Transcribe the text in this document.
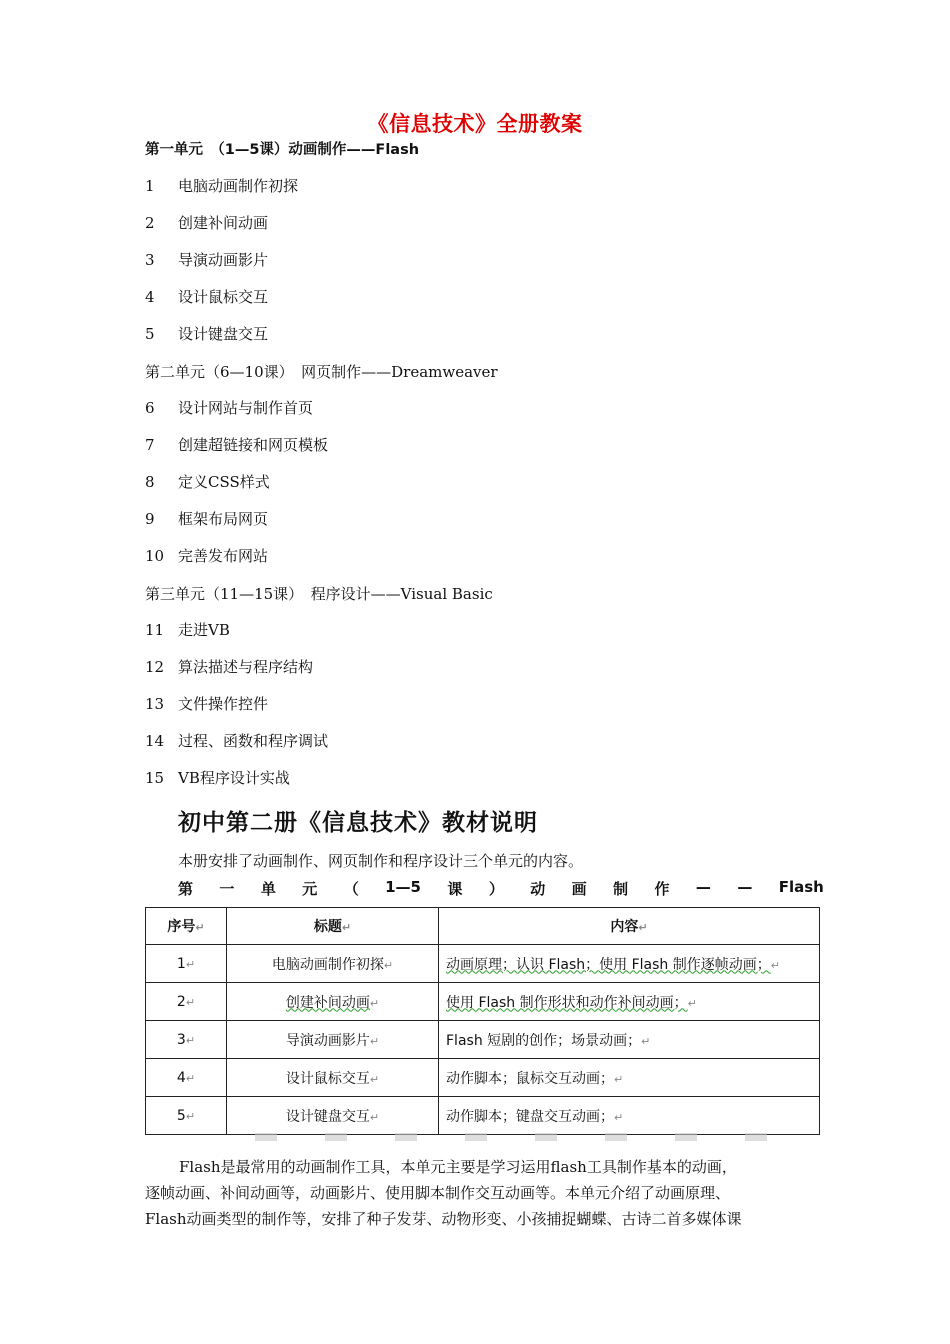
《信息技术》全册教案
第一单元　（1—5课）动画制作——Flash
1 电脑动画制作初探
2 创建补间动画
3 导演动画影片
4 设计鼠标交互
5 设计键盘交互
第二单元（6—10课）　网页制作——Dreamweaver
6 设计网站与制作首页
7 创建超链接和网页模板
8 定义CSS样式
9 框架布局网页
10 完善发布网站
第三单元（11—15课）　程序设计——Visual Basic
11 走进VB
12 算法描述与程序结构
13 文件操作控件
14 过程、函数和程序调试
15 VB程序设计实战
初中第二册《信息技术》教材说明
本册安排了动画制作、网页制作和程序设计三个单元的内容。
第 一 单 元 （ 1—5 课 ） 动 画 制 作 — — Flash
序号↵	标题↵	内容↵
1↵	电脑动画制作初探↵	动画原理；认识 Flash；使用 Flash 制作逐帧动画；↵
2↵	创建补间动画↵	使用 Flash 制作形状和动作补间动画；↵
3↵	导演动画影片↵	Flash 短剧的创作；场景动画；↵
4↵	设计鼠标交互↵	动作脚本；鼠标交互动画；↵
5↵	设计键盘交互↵	动作脚本；键盘交互动画；↵

Flash是最常用的动画制作工具，本单元主要是学习运用flash工具制作基本的动画，

逐帧动画、补间动画等，动画影片、使用脚本制作交互动画等。本单元介绍了动画原理、

Flash动画类型的制作等，安排了种子发芽、动物形变、小孩捕捉蝴蝶、古诗二首多媒体课
